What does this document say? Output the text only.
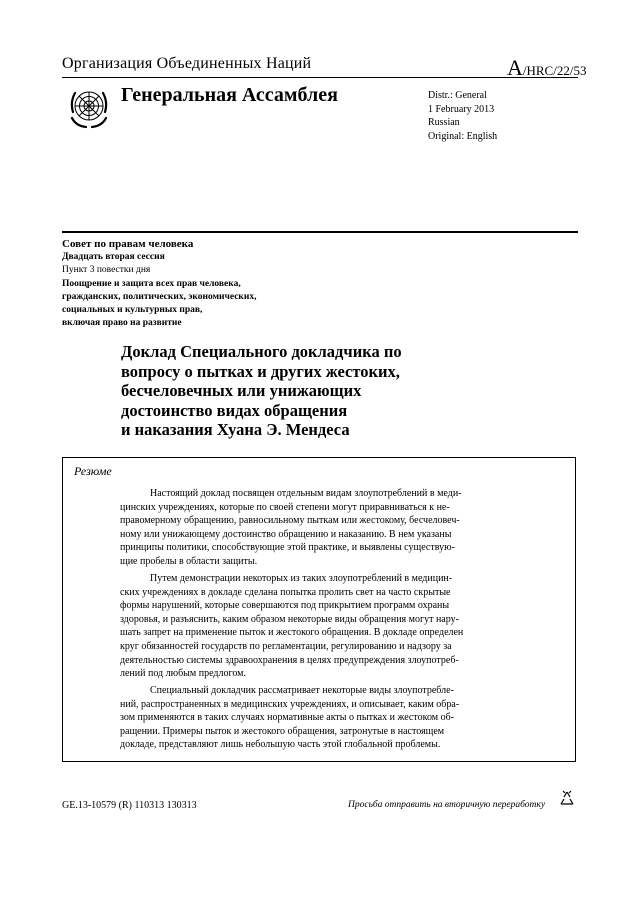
Организация Объединенных Наций	A/HRC/22/53
Генеральная Ассамблея	Distr.: General
1 February 2013
Russian
Original: English
Совет по правам человека
Двадцать вторая сессия
Пункт 3 повестки дня
Поощрение и защита всех прав человека,
гражданских, политических, экономических,
социальных и культурных прав,
включая право на развитие
Доклад Специального докладчика по
вопросу о пытках и других жестоких,
бесчеловечных или унижающих
достоинство видах обращения
и наказания Хуана Э. Мендеса
Резюме
Настоящий доклад посвящен отдельным видам злоупотреблений в меди-
цинских учреждениях, которые по своей степени могут приравниваться к не-
правомерному обращению, равносильному пыткам или жестокому, бесчеловеч-
ному или унижающему достоинство обращению и наказанию. В нем указаны
принципы политики, способствующие этой практике, и выявлены существую-
щие пробелы в области защиты.
Путем демонстрации некоторых из таких злоупотреблений в медицин-
ских учреждениях в докладе сделана попытка пролить свет на часто скрытые
формы нарушений, которые совершаются под прикрытием программ охраны
здоровья, и разъяснить, каким образом некоторые виды обращения могут нару-
шать запрет на применение пыток и жестокого обращения. В докладе определен
круг обязанностей государств по регламентации, регулированию и надзору за
деятельностью системы здравоохранения в целях предупреждения злоупотреб-
лений под любым предлогом.
Специальный докладчик рассматривает некоторые виды злоупотребле-
ний, распространенных в медицинских учреждениях, и описывает, каким обра-
зом применяются в таких случаях нормативные акты о пытках и жестоком об-
ращении. Примеры пыток и жестокого обращения, затронутые в настоящем
докладе, представляют лишь небольшую часть этой глобальной проблемы.
GE.13-10579 (R) 110313 130313	Просьба отправить на вторичную переработку
